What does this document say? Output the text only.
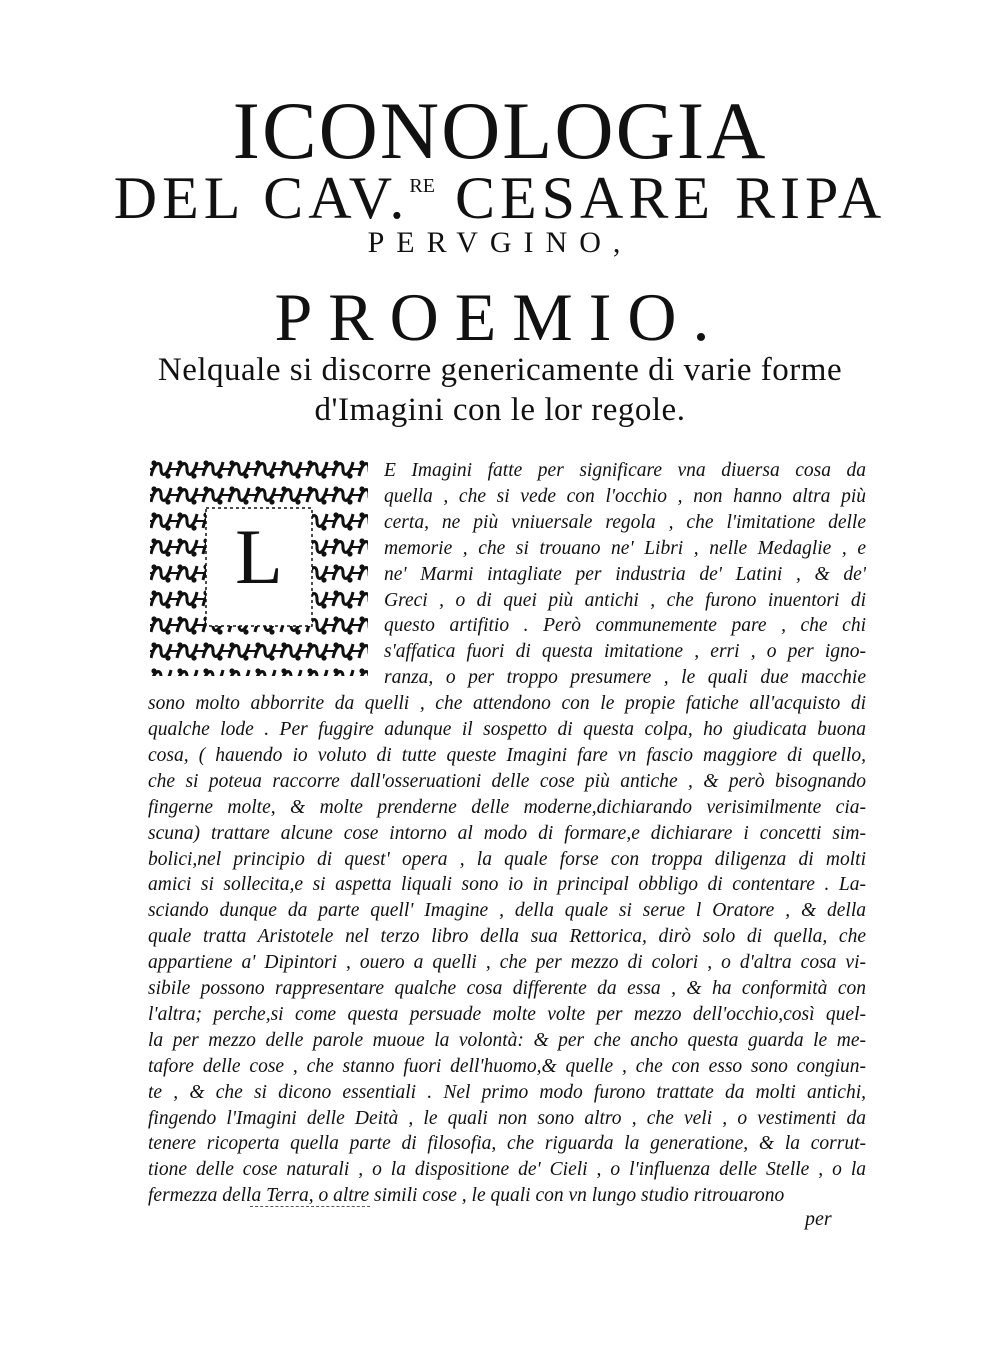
ICONOLOGIA
DEL CAV.$^{RE}$ CESARE RIPA
PERVGINO,
PROEMIO.
Nelquale si discorre genericamente di varie forme
d'Imagini con le lor regole.
L

E Imagini fatte per significare vna diuersa cosa da

quella , che si vede con l'occhio , non hanno altra più

certa, ne più vniuersale regola , che l'imitatione delle

memorie , che si trouano ne' Libri , nelle Medaglie , e

ne' Marmi intagliate per industria de' Latini , & de'

Greci , o di quei più antichi , che furono inuentori di

questo artifitio . Però communemente pare , che chi

s'affatica fuori di questa imitatione , erri , o per igno-

ranza, o per troppo presumere , le quali due macchie

sono molto abborrite da quelli , che attendono con le propie fatiche all'acquisto di

qualche lode . Per fuggire adunque il sospetto di questa colpa, ho giudicata buona

cosa, ( hauendo io voluto di tutte queste Imagini fare vn fascio maggiore di quello,

che si poteua raccorre dall'osseruationi delle cose più antiche , & però bisognando

fingerne molte, & molte prenderne delle moderne,dichiarando verisimilmente cia-

scuna) trattare alcune cose intorno al modo di formare,e dichiarare i concetti sim-

bolici,nel principio di quest' opera , la quale forse con troppa diligenza di molti

amici si sollecita,e si aspetta liquali sono io in principal obbligo di contentare . La-

sciando dunque da parte quell' Imagine , della quale si serue l Oratore , & della

quale tratta Aristotele nel terzo libro della sua Rettorica, dirò solo di quella, che

appartiene a' Dipintori , ouero a quelli , che per mezzo di colori , o d'altra cosa vi-

sibile possono rappresentare qualche cosa differente da essa , & ha conformità con

l'altra; perche,si come questa persuade molte volte per mezzo dell'occhio,così quel-

la per mezzo delle parole muoue la volontà: & per che ancho questa guarda le me-

tafore delle cose , che stanno fuori dell'huomo,& quelle , che con esso sono congiun-

te , & che si dicono essentiali . Nel primo modo furono trattate da molti antichi,

fingendo l'Imagini delle Deità , le quali non sono altro , che veli , o vestimenti da

tenere ricoperta quella parte di filosofia, che riguarda la generatione, & la corrut-

tione delle cose naturali , o la dispositione de' Cieli , o l'influenza delle Stelle , o la

fermezza della Terra, o altre simili cose , le quali con vn lungo studio ritrouarono

per
